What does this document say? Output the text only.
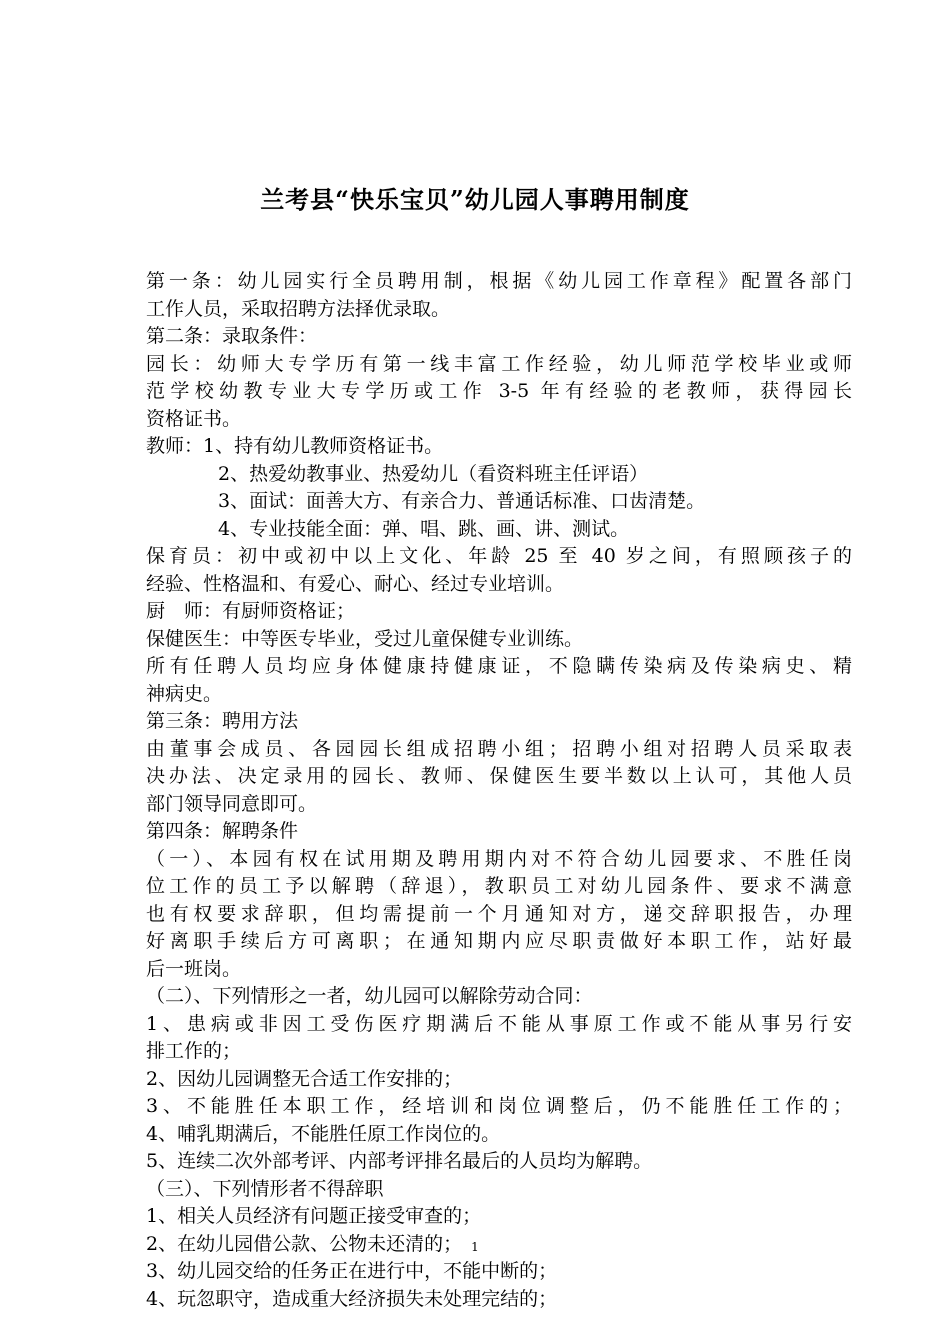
兰考县“快乐宝贝”幼儿园人事聘用制度
第一条：幼儿园实行全员聘用制，根据《幼儿园工作章程》配置各部门
工作人员，采取招聘方法择优录取。
第二条：录取条件：
园长：幼师大专学历有第一线丰富工作经验，幼儿师范学校毕业或师
范学校幼教专业大专学历或工作 3-5 年有经验的老教师，获得园长
资格证书。
教师：1、持有幼儿教师资格证书。
2、热爱幼教事业、热爱幼儿（看资料班主任评语）
3、面试：面善大方、有亲合力、普通话标准、口齿清楚。
4、专业技能全面：弹、唱、跳、画、讲、测试。
保育员：初中或初中以上文化、年龄 25 至 40 岁之间，有照顾孩子的
经验、性格温和、有爱心、耐心、经过专业培训。
厨　师：有厨师资格证；
保健医生：中等医专毕业，受过儿童保健专业训练。
所有任聘人员均应身体健康持健康证，不隐瞒传染病及传染病史、精
神病史。
第三条：聘用方法
由董事会成员、各园园长组成招聘小组；招聘小组对招聘人员采取表
决办法、决定录用的园长、教师、保健医生要半数以上认可，其他人员
部门领导同意即可。
第四条：解聘条件
（一）、本园有权在试用期及聘用期内对不符合幼儿园要求、不胜任岗
位工作的员工予以解聘（辞退），教职员工对幼儿园条件、要求不满意
也有权要求辞职，但均需提前一个月通知对方，递交辞职报告，办理
好离职手续后方可离职；在通知期内应尽职责做好本职工作，站好最
后一班岗。
（二）、下列情形之一者，幼儿园可以解除劳动合同：
1、患病或非因工受伤医疗期满后不能从事原工作或不能从事另行安
排工作的；
2、因幼儿园调整无合适工作安排的；
3、不能胜任本职工作，经培训和岗位调整后，仍不能胜任工作的；
4、哺乳期满后，不能胜任原工作岗位的。
5、连续二次外部考评、内部考评排名最后的人员均为解聘。
（三）、下列情形者不得辞职
1、相关人员经济有问题正接受审查的；
2、在幼儿园借公款、公物未还清的；
3、幼儿园交给的任务正在进行中，不能中断的；
4、玩忽职守，造成重大经济损失未处理完结的；
1
